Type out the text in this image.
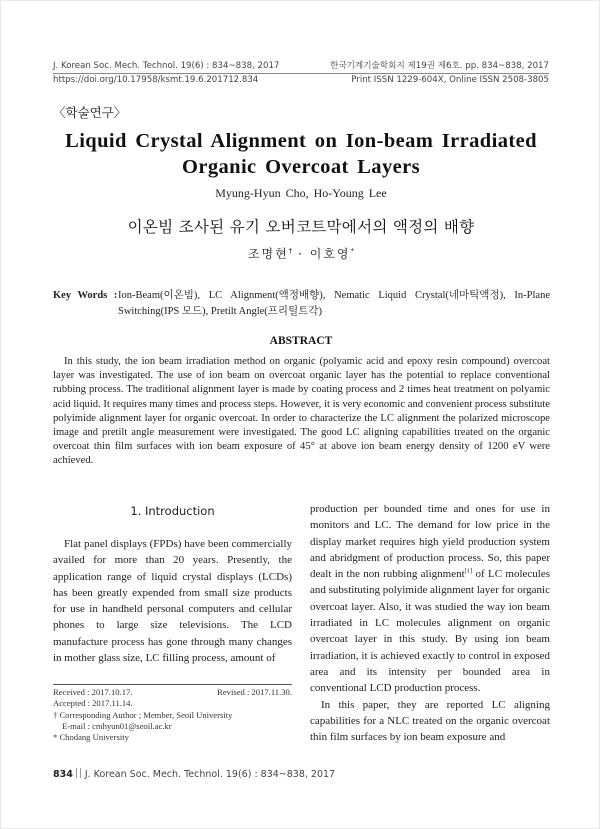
J. Korean Soc. Mech. Technol. 19(6) : 834~838, 2017	한국기계기술학회지 제19권 제6호. pp. 834~838, 2017
https://doi.org/10.17958/ksmt.19.6.201712.834	Print ISSN 1229-604X, Online ISSN 2508-3805
〈학술연구〉
Liquid Crystal Alignment on Ion-beam Irradiated
Organic Overcoat Layers
Myung-Hyun Cho, Ho-Young Lee
이온빔 조사된 유기 오버코트막에서의 액정의 배향
조명현† · 이호영*
Key Words : Ion-Beam(이온빔), LC Alignment(액정배향), Nematic Liquid Crystal(네마틱액정), In-Plane Switching(IPS 모드), Pretilt Angle(프리틸트각)
ABSTRACT
In this study, the ion beam irradiation method on organic (polyamic acid and epoxy resin compound) overcoat layer was investigated. The use of ion beam on overcoat organic layer has the potential to replace conventional rubbing process. The traditional alignment layer is made by coating process and 2 times heat treatment on polyamic acid liquid. It requires many times and process steps. However, it is very economic and convenient process substitute polyimide alignment layer for organic overcoat. In order to characterize the LC alignment the polarized microscope image and pretilt angle measurement were investigated. The good LC aligning capabilities treated on the organic overcoat thin film surfaces with ion beam exposure of 45° at above ion beam energy density of 1200 eV were achieved.
1. Introduction
Flat panel displays (FPDs) have been commercially availed for more than 20 years. Presently, the application range of liquid crystal displays (LCDs) has been greatly expended from small size products for use in handheld personal computers and cellular phones to large size televisions. The LCD manufacture process has gone through many changes in mother glass size, LC filling process, amount of

production per bounded time and ones for use in monitors and LC. The demand for low price in the display market requires high yield production system and abridgment of production process. So, this paper dealt in the non rubbing alignment[1] of LC molecules and substituting polyimide alignment layer for organic overcoat layer. Also, it was studied the way ion beam irradiated in LC molecules alignment on organic overcoat layer in this study. By using ion beam irradiation, it is achieved exactly to control in exposed area and its intensity per bounded area in conventional LCD production process.

In this paper, they are reported LC aligning capabilities for a NLC treated on the organic overcoat thin film surfaces by ion beam exposure and

Received : 2017.10.17.	Revised : 2017.11.30.
Accepted : 2017.11.14.
† Corresponding Author ; Member, Seoil University
E-mail : cmhyun01@seoil.ac.kr
* Chodang University
834 J. Korean Soc. Mech. Technol. 19(6) : 834~838, 2017
